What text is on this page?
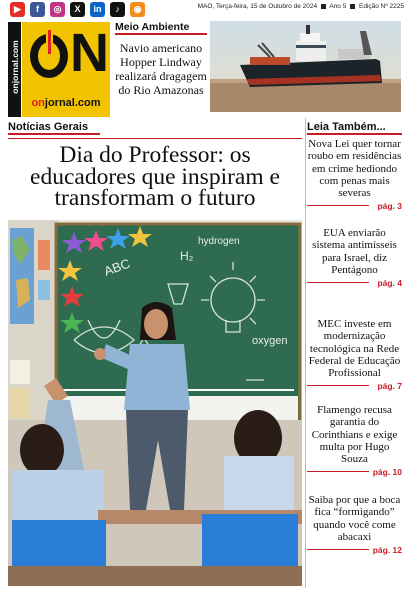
▶	f	◎	X	in	♪	◉	MAO, Terça-feira, 15 de Outubro de 2024 Ano 5 Edição Nº 2225
onjornal.com N
onjornal.com
Meio Ambiente
Navio americano Hopper Lindway realizará dragagem do Rio Amazonas
Notícias Gerais
Dia do Professor: os educadores que inspiram e transformam o futuro
hydrogen
ABC	H₂
oxygen
Leia Também...
Nova Lei quer tornar roubo em residências em crime hediondo com penas mais severas
pág. 3
EUA enviarão sistema antimísseis para Israel, diz Pentágono
pág. 4
MEC investe em modernização tecnológica na Rede Federal de Educação Profissional
pág. 7
Flamengo recusa garantia do Corinthians e exige multa por Hugo Souza
pág. 10
Saiba por que a boca fica “formigando” quando você come abacaxi
pág. 12
